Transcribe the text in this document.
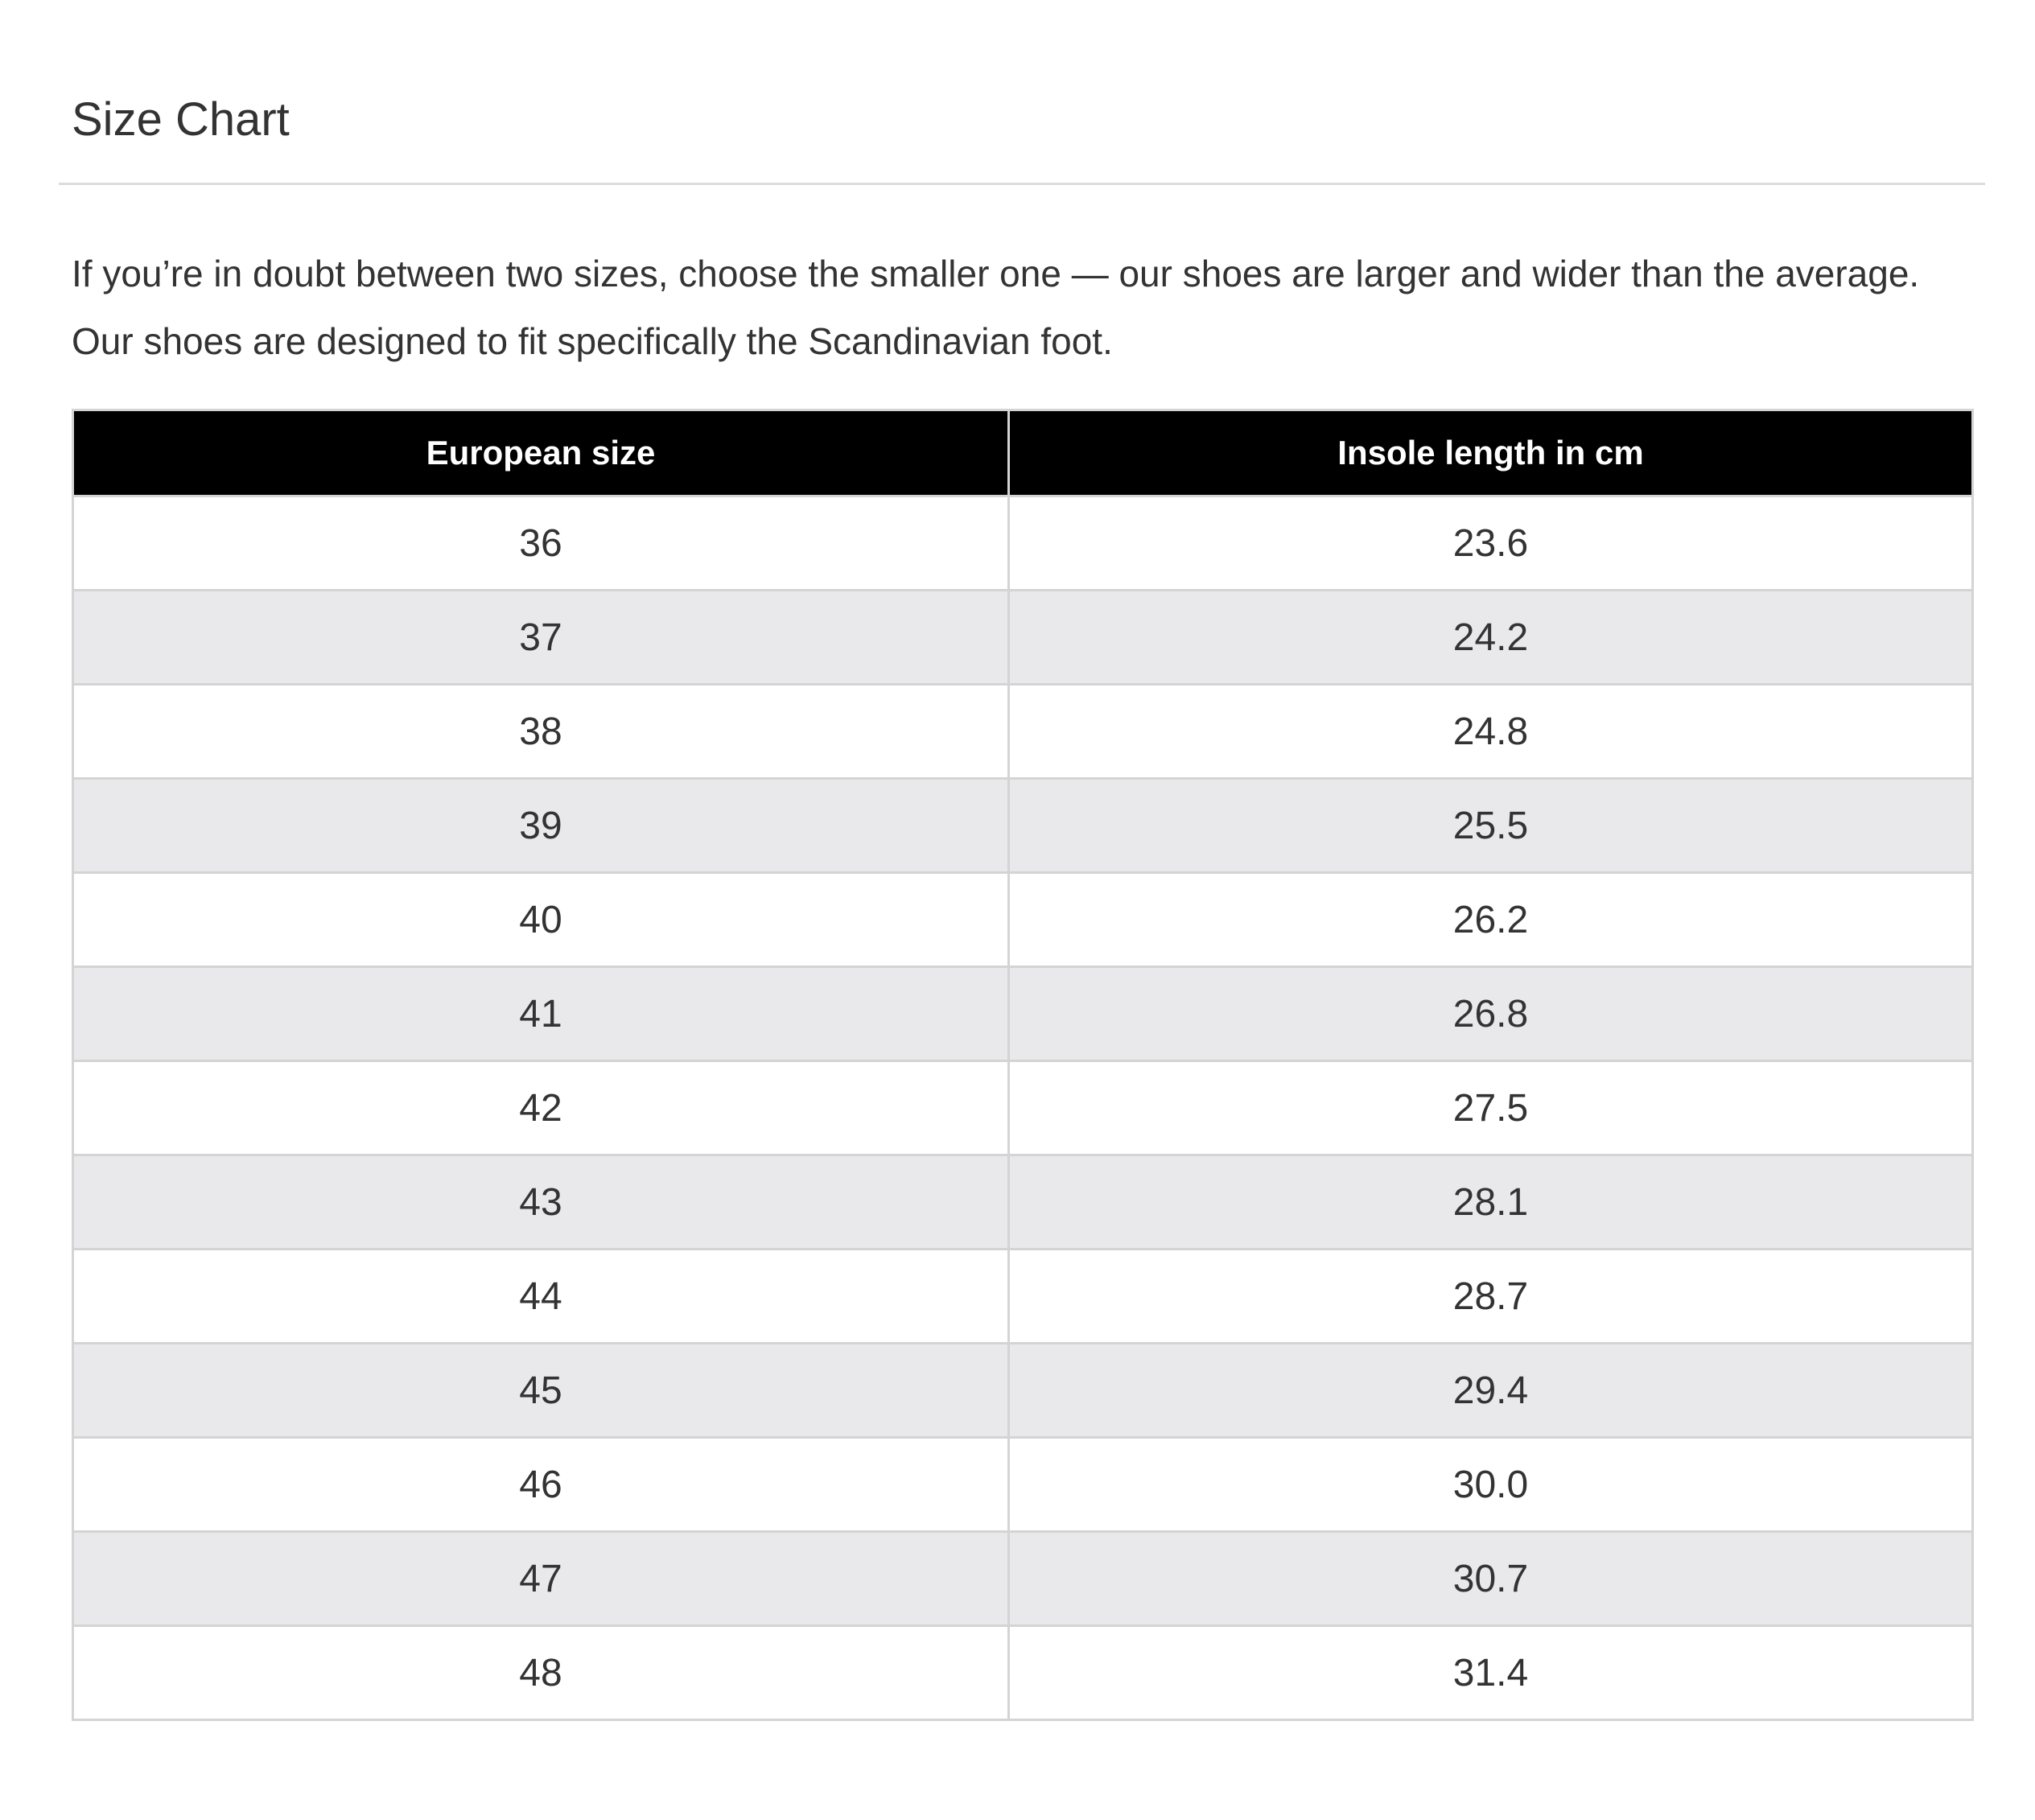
Size Chart

If you’re in doubt between two sizes, choose the smaller one — our shoes are larger and wider than the average.
Our shoes are designed to fit specifically the Scandinavian foot.

European size	Insole length in cm
36	23.6
37	24.2
38	24.8
39	25.5
40	26.2
41	26.8
42	27.5
43	28.1
44	28.7
45	29.4
46	30.0
47	30.7
48	31.4
